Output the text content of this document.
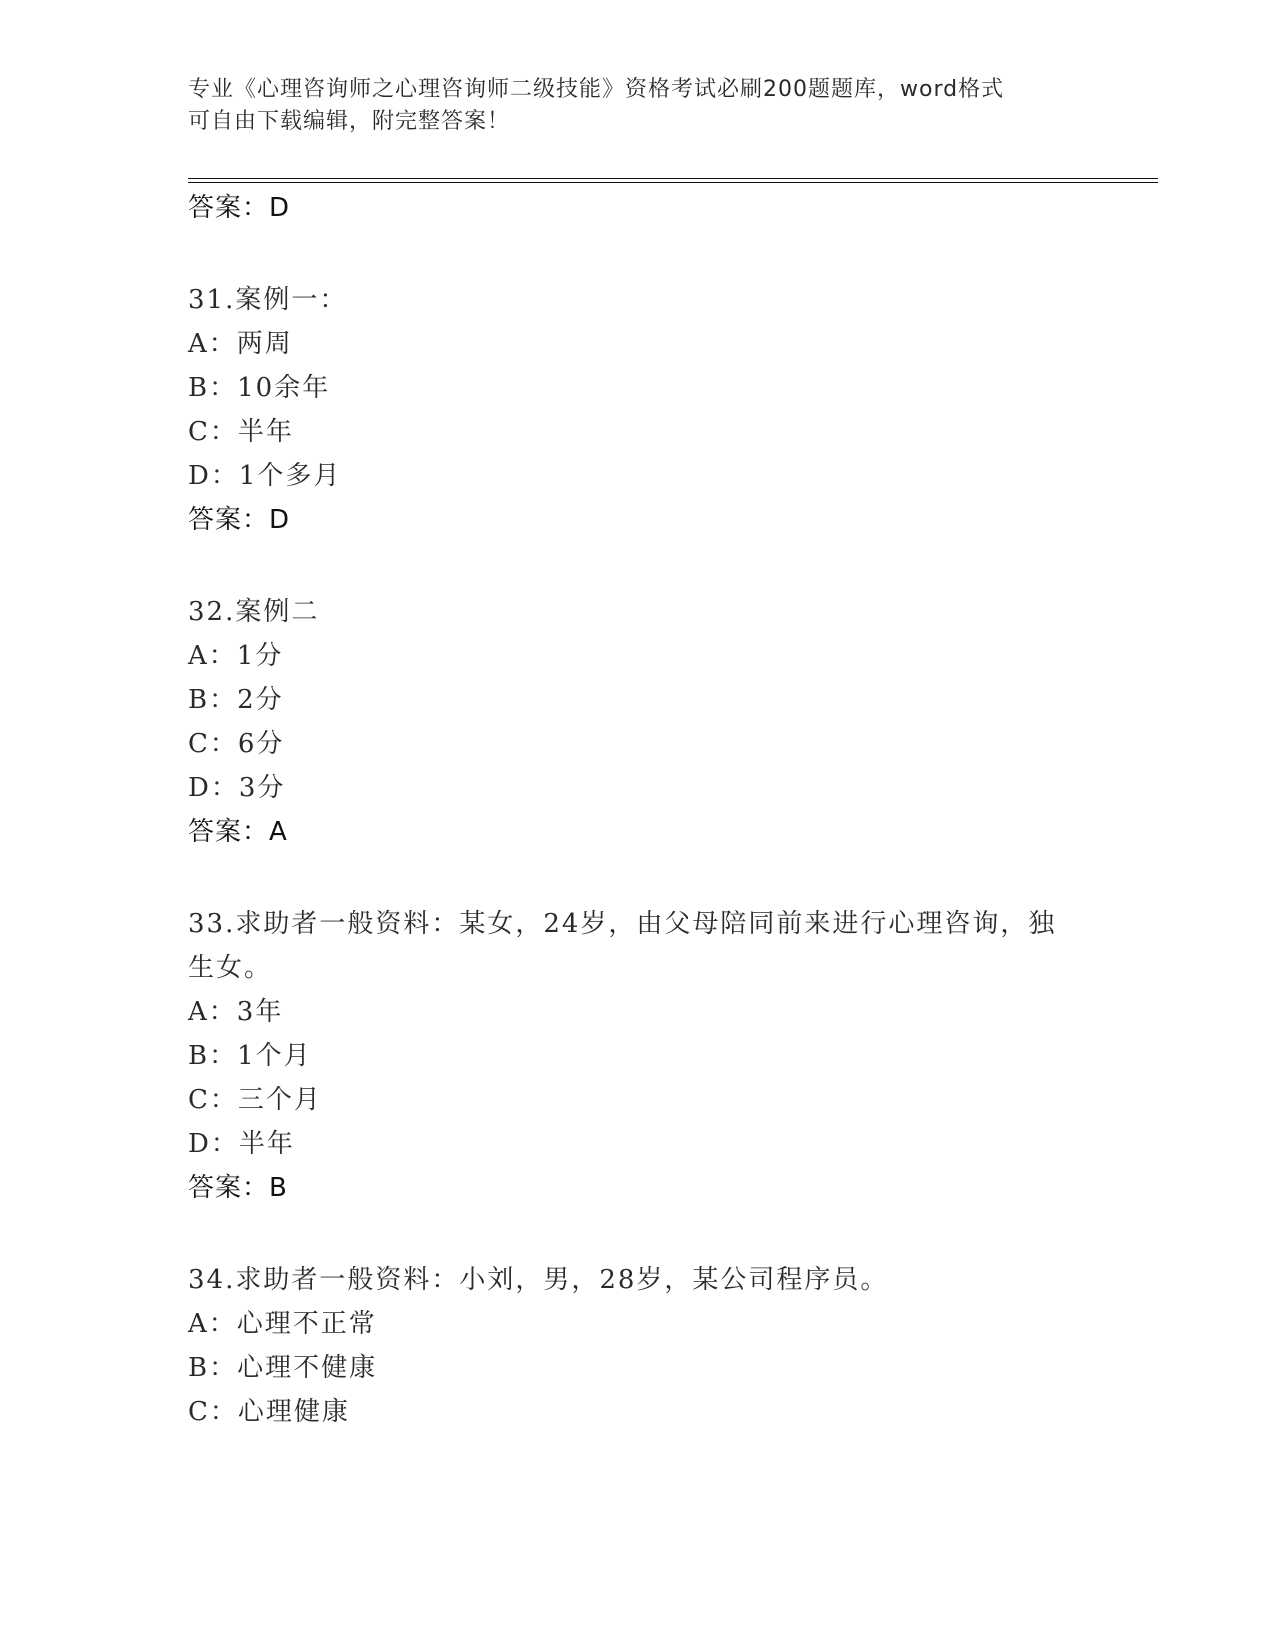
专业《心理咨询师之心理咨询师二级技能》资格考试必刷200题题库，word格式
可自由下载编辑，附完整答案！
答案：D
31.案例一：
A：两周
B：10余年
C：半年
D：1个多月
答案：D
32.案例二
A：1分
B：2分
C：6分
D：3分
答案：A
33.求助者一般资料：某女，24岁，由父母陪同前来进行心理咨询，独
生女。
A：3年
B：1个月
C：三个月
D：半年
答案：B
34.求助者一般资料：小刘，男，28岁，某公司程序员。
A：心理不正常
B：心理不健康
C：心理健康
